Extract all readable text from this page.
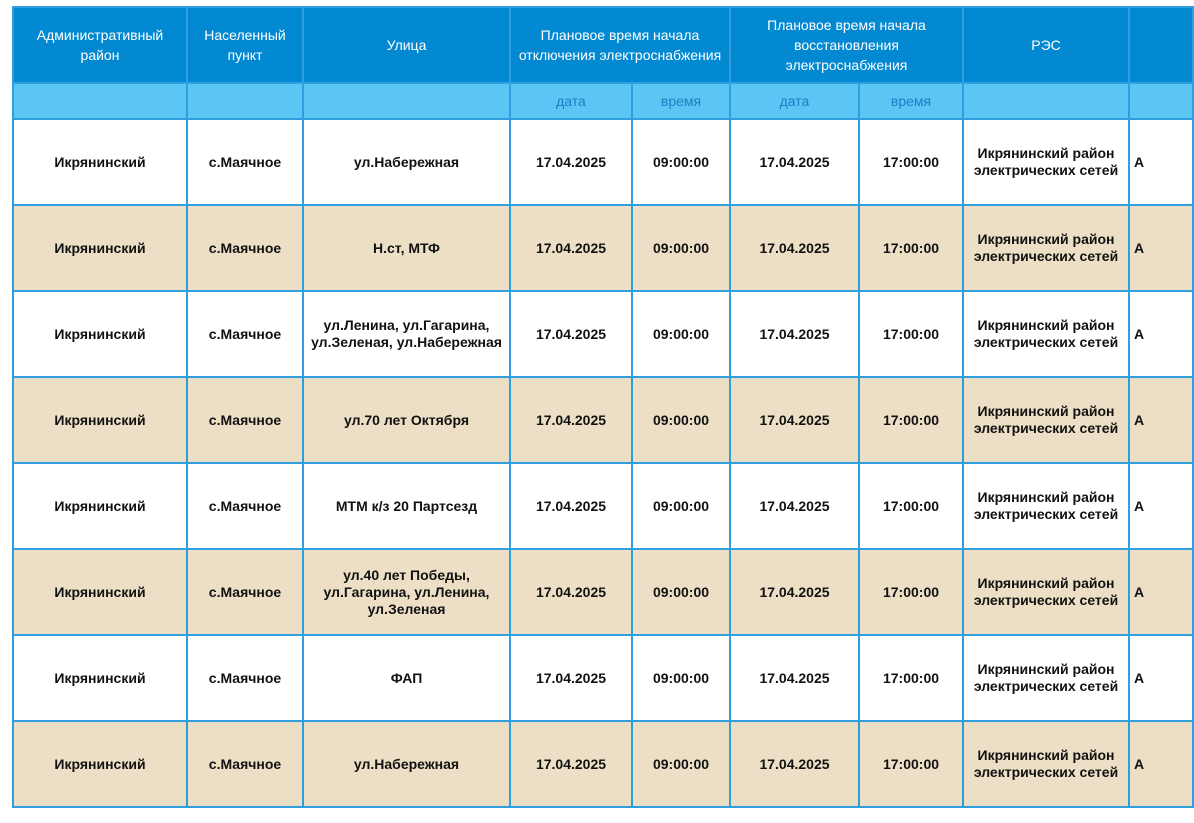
Административный район	Населенный пункт	Улица	Плановое время начала отключения электроснабжения		Плановое время начала восстановления электроснабжения		РЭС	
			дата	время	дата	время		
Икрянинский	с.Маячное	ул.Набережная	17.04.2025	09:00:00	17.04.2025	17:00:00	Икрянинский район электрических сетей	А
Икрянинский	с.Маячное	Н.ст, МТФ	17.04.2025	09:00:00	17.04.2025	17:00:00	Икрянинский район электрических сетей	А
Икрянинский	с.Маячное	ул.Ленина, ул.Гагарина, ул.Зеленая, ул.Набережная	17.04.2025	09:00:00	17.04.2025	17:00:00	Икрянинский район электрических сетей	А
Икрянинский	с.Маячное	ул.70 лет Октября	17.04.2025	09:00:00	17.04.2025	17:00:00	Икрянинский район электрических сетей	А
Икрянинский	с.Маячное	МТМ к/з 20 Партсезд	17.04.2025	09:00:00	17.04.2025	17:00:00	Икрянинский район электрических сетей	А
Икрянинский	с.Маячное	ул.40 лет Победы, ул.Гагарина, ул.Ленина, ул.Зеленая	17.04.2025	09:00:00	17.04.2025	17:00:00	Икрянинский район электрических сетей	А
Икрянинский	с.Маячное	ФАП	17.04.2025	09:00:00	17.04.2025	17:00:00	Икрянинский район электрических сетей	А
Икрянинский	с.Маячное	ул.Набережная	17.04.2025	09:00:00	17.04.2025	17:00:00	Икрянинский район электрических сетей	А
